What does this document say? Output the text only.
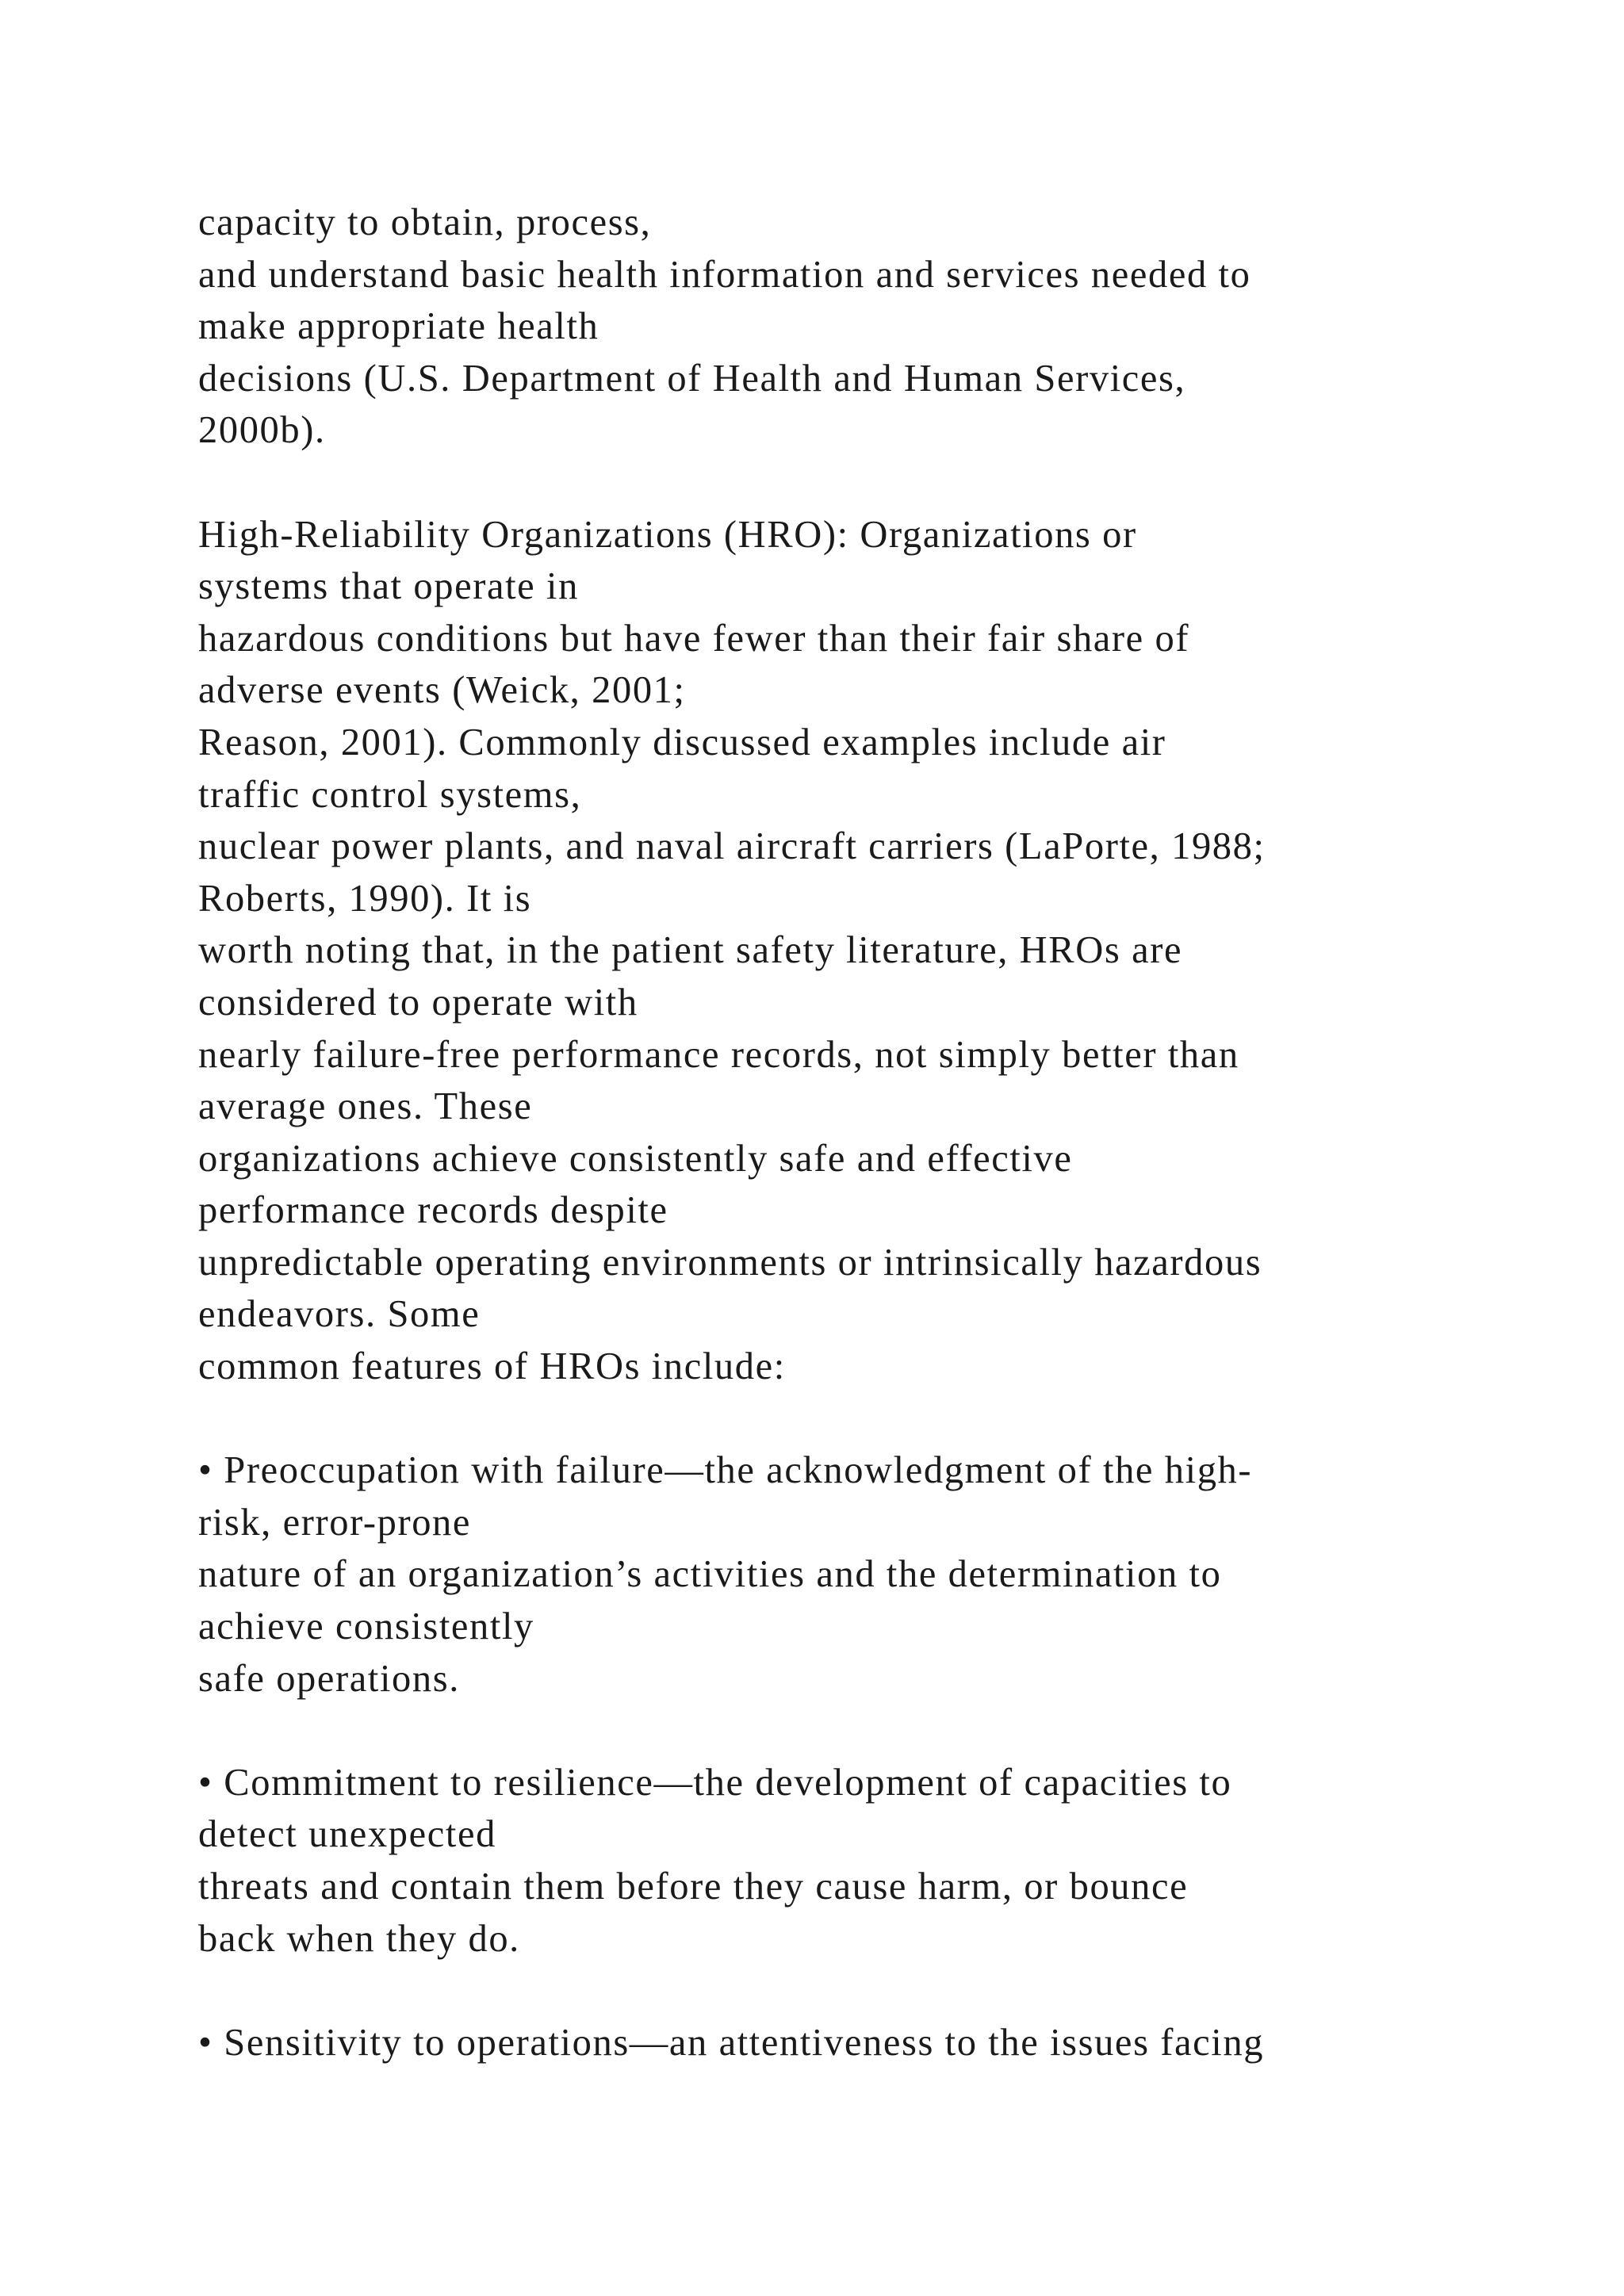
capacity to obtain, process,
and understand basic health information and services needed to
make appropriate health
decisions (U.S. Department of Health and Human Services,
2000b).
High-Reliability Organizations (HRO): Organizations or
systems that operate in
hazardous conditions but have fewer than their fair share of
adverse events (Weick, 2001;
Reason, 2001). Commonly discussed examples include air
traffic control systems,
nuclear power plants, and naval aircraft carriers (LaPorte, 1988;
Roberts, 1990). It is
worth noting that, in the patient safety literature, HROs are
considered to operate with
nearly failure-free performance records, not simply better than
average ones. These
organizations achieve consistently safe and effective
performance records despite
unpredictable operating environments or intrinsically hazardous
endeavors. Some
common features of HROs include:
• Preoccupation with failure—the acknowledgment of the high-
risk, error-prone
nature of an organization’s activities and the determination to
achieve consistently
safe operations.
• Commitment to resilience—the development of capacities to
detect unexpected
threats and contain them before they cause harm, or bounce
back when they do.
• Sensitivity to operations—an attentiveness to the issues facing
